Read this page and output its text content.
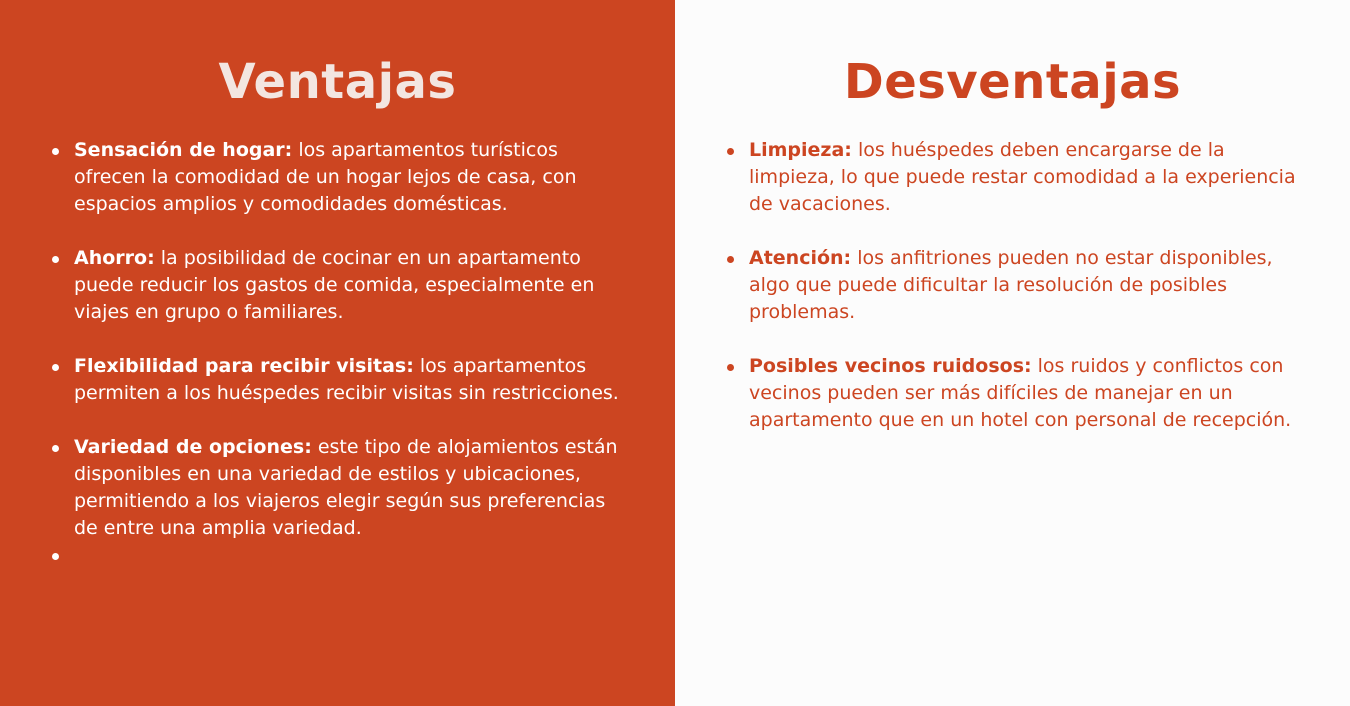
Ventajas
Sensación de hogar: los apartamentos turísticos ofrecen la comodidad de un hogar lejos de casa, con espacios amplios y comodidades domésticas.
Ahorro: la posibilidad de cocinar en un apartamento puede reducir los gastos de comida, especialmente en viajes en grupo o familiares.
Flexibilidad para recibir visitas: los apartamentos permiten a los huéspedes recibir visitas sin restricciones.
Variedad de opciones: este tipo de alojamientos están disponibles en una variedad de estilos y ubicaciones, permitiendo a los viajeros elegir según sus preferencias de entre una amplia variedad.
Desventajas
Limpieza: los huéspedes deben encargarse de la limpieza, lo que puede restar comodidad a la experiencia de vacaciones.
Atención: los anfitriones pueden no estar disponibles, algo que puede dificultar la resolución de posibles problemas.
Posibles vecinos ruidosos: los ruidos y conflictos con vecinos pueden ser más difíciles de manejar en un apartamento que en un hotel con personal de recepción.
